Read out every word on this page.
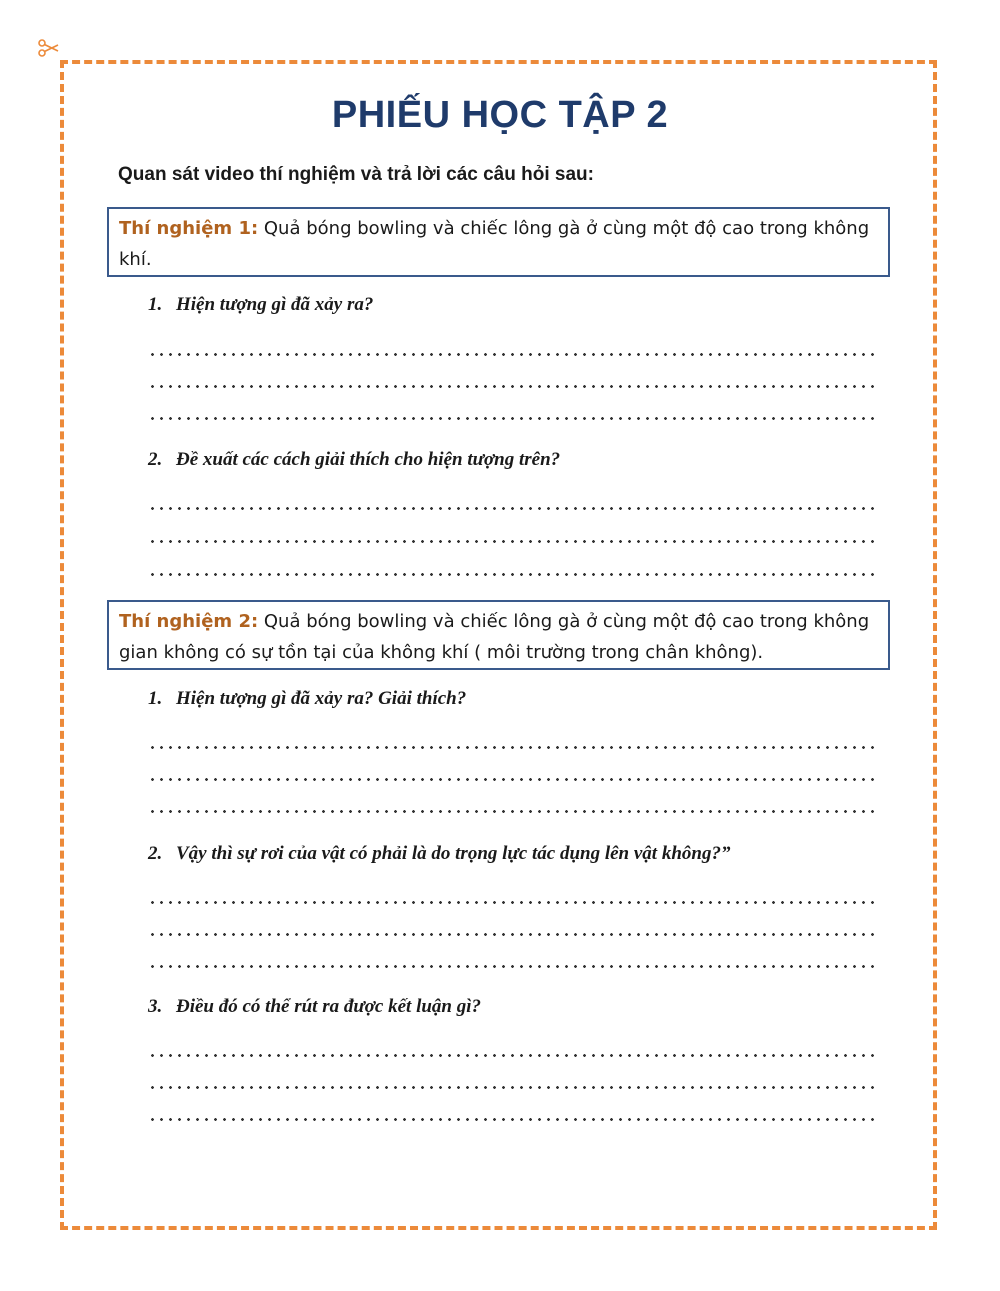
PHIẾU HỌC TẬP 2
Quan sát video thí nghiệm và trả lời các câu hỏi sau:
Thí nghiệm 1: Quả bóng bowling và chiếc lông gà ở cùng một độ cao trong không khí.
1. Hiện tượng gì đã xảy ra?
2. Đề xuất các cách giải thích cho hiện tượng trên?
Thí nghiệm 2: Quả bóng bowling và chiếc lông gà ở cùng một độ cao trong không gian không có sự tồn tại của không khí ( môi trường trong chân không).
1. Hiện tượng gì đã xảy ra? Giải thích?
2. Vậy thì sự rơi của vật có phải là do trọng lực tác dụng lên vật không?”
3. Điều đó có thể rút ra được kết luận gì?
